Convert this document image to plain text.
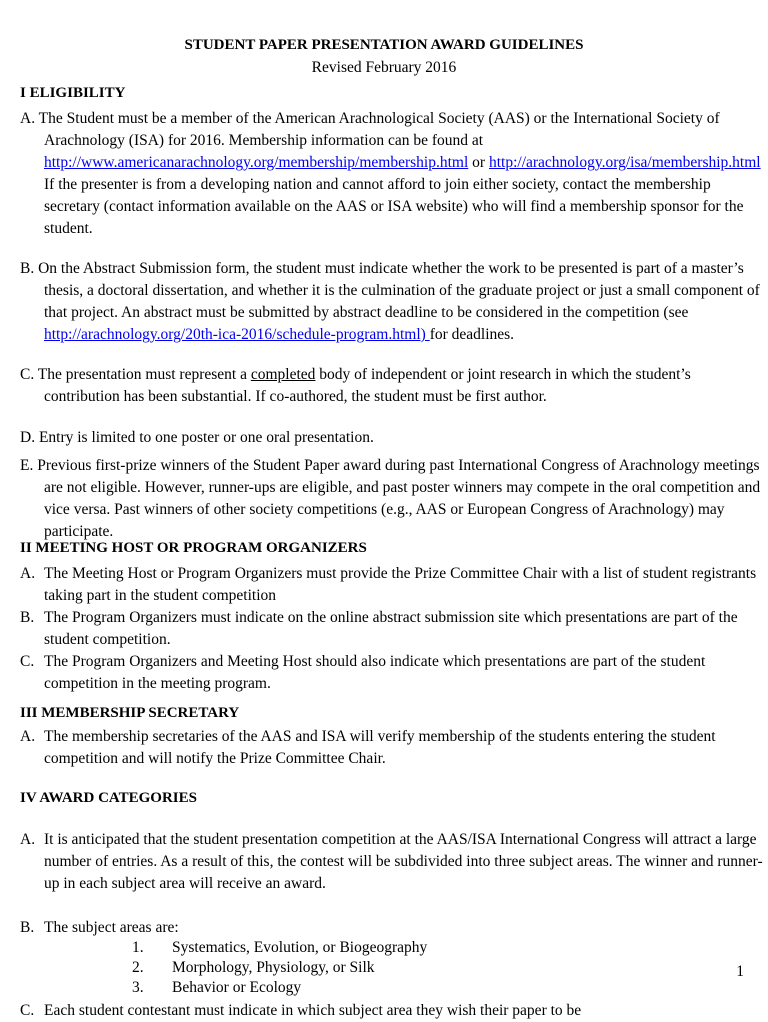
STUDENT PAPER PRESENTATION AWARD GUIDELINES
Revised February 2016
I ELIGIBILITY

A. The Student must be a member of the American Arachnological Society (AAS) or the International Society of Arachnology (ISA) for 2016. Membership information can be found at http://www.americanarachnology.org/membership/membership.html or http://arachnology.org/isa/membership.html If the presenter is from a developing nation and cannot afford to join either society, contact the membership secretary (contact information available on the AAS or ISA website) who will find a membership sponsor for the student.

B. On the Abstract Submission form, the student must indicate whether the work to be presented is part of a master’s thesis, a doctoral dissertation, and whether it is the culmination of the graduate project or just a small component of that project. An abstract must be submitted by abstract deadline to be considered in the competition (see http://arachnology.org/20th-ica-2016/schedule-program.html) for deadlines.

C. The presentation must represent a completed body of independent or joint research in which the student’s contribution has been substantial. If co-authored, the student must be first author.

D. Entry is limited to one poster or one oral presentation.

E. Previous first-prize winners of the Student Paper award during past International Congress of Arachnology meetings are not eligible. However, runner-ups are eligible, and past poster winners may compete in the oral competition and vice versa. Past winners of other society competitions (e.g., AAS or European Congress of Arachnology) may participate.

II MEETING HOST OR PROGRAM ORGANIZERS
A. The Meeting Host or Program Organizers must provide the Prize Committee Chair with a list of student registrants taking part in the student competition
B. The Program Organizers must indicate on the online abstract submission site which presentations are part of the student competition.
C. The Program Organizers and Meeting Host should also indicate which presentations are part of the student competition in the meeting program.
III MEMBERSHIP SECRETARY
A. The membership secretaries of the AAS and ISA will verify membership of the students entering the student competition and will notify the Prize Committee Chair.
IV AWARD CATEGORIES
A. It is anticipated that the student presentation competition at the AAS/ISA International Congress will attract a large number of entries. As a result of this, the contest will be subdivided into three subject areas. The winner and runner-up in each subject area will receive an award.
B. The subject areas are:
1. Systematics, Evolution, or Biogeography
2. Morphology, Physiology, or Silk
3. Behavior or Ecology
C. Each student contestant must indicate in which subject area they wish their paper to be
1
